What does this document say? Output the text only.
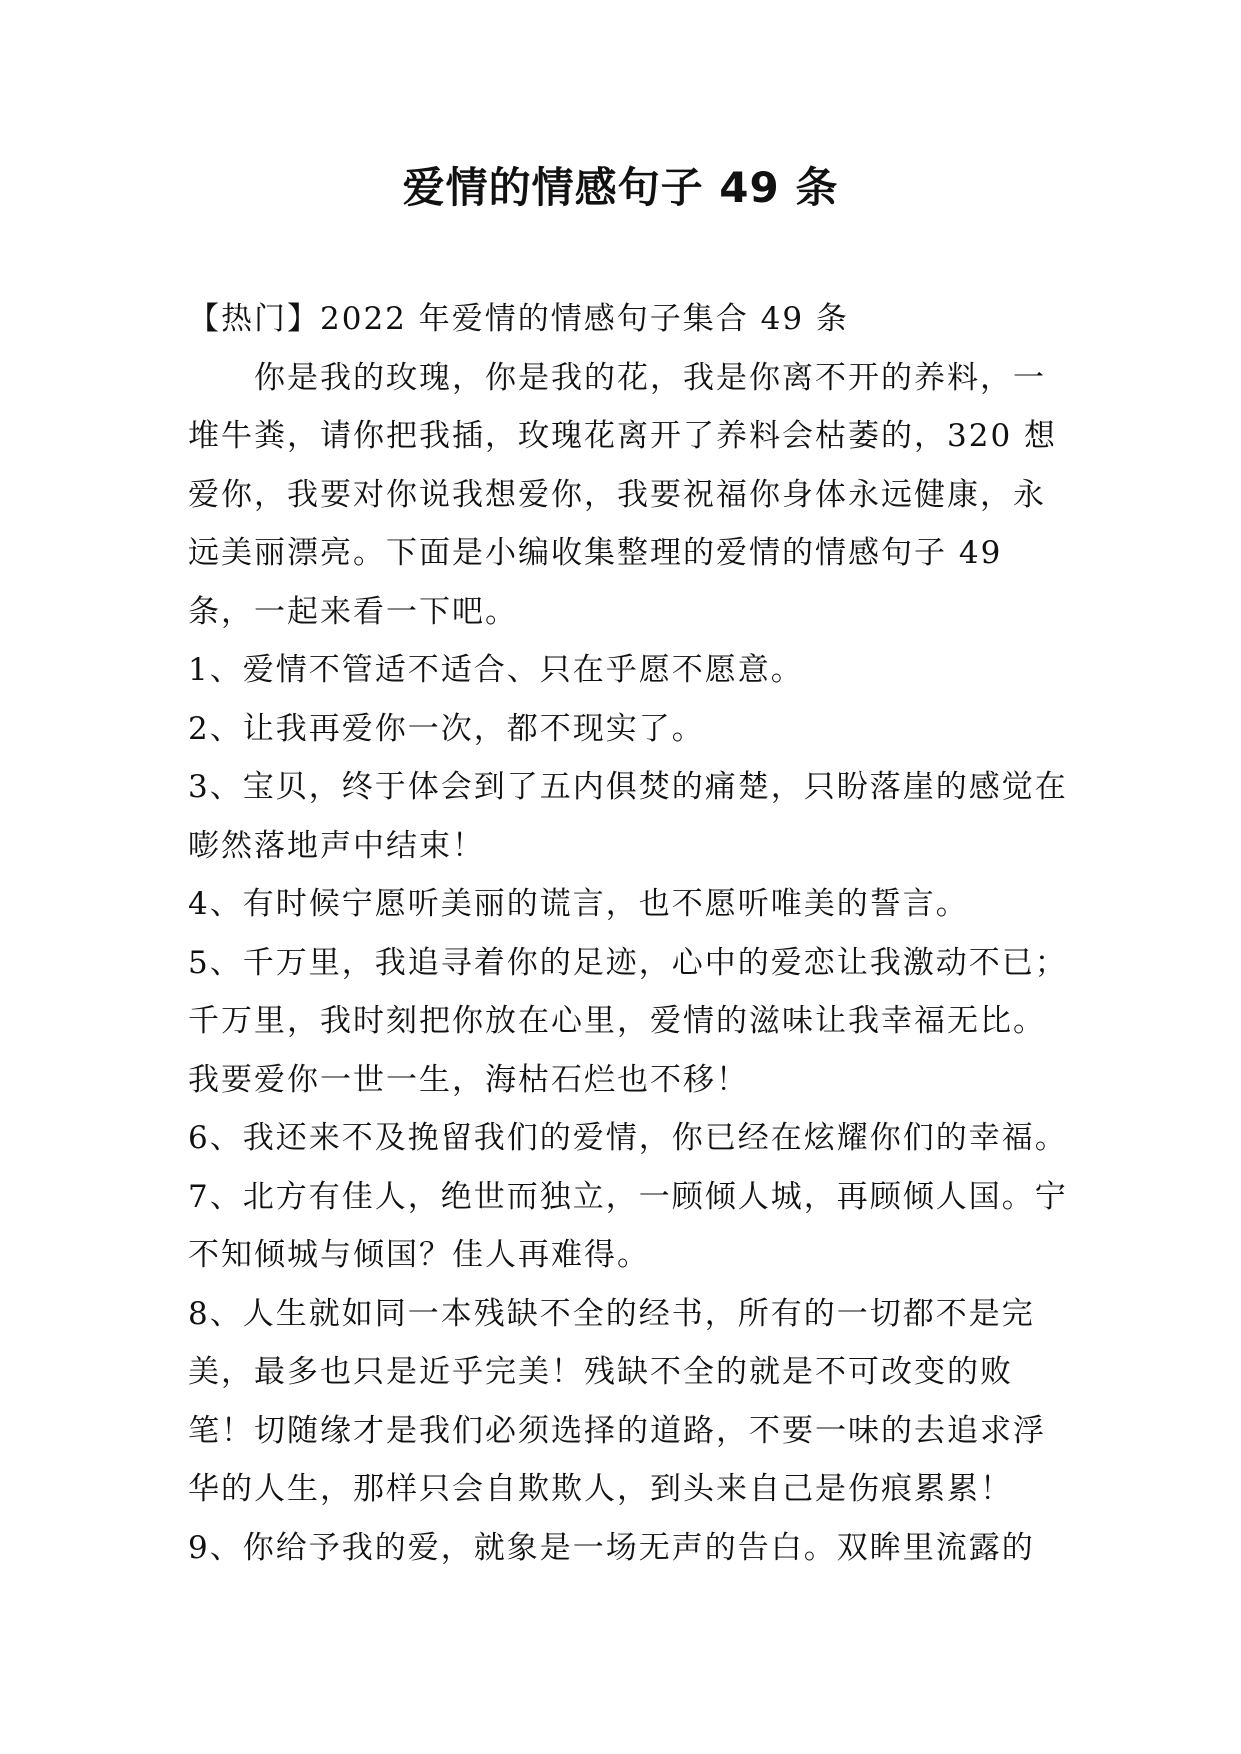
爱情的情感句子 49 条

【热门】2022 年爱情的情感句子集合 49 条

你是我的玫瑰，你是我的花，我是你离不开的养料，一堆牛粪，请你把我插，玫瑰花离开了养料会枯萎的，320 想爱你，我要对你说我想爱你，我要祝福你身体永远健康，永远美丽漂亮。下面是小编收集整理的爱情的情感句子 49 条，一起来看一下吧。

1、爱情不管适不适合、只在乎愿不愿意。

2、让我再爱你一次，都不现实了。

3、宝贝，终于体会到了五内俱焚的痛楚，只盼落崖的感觉在嘭然落地声中结束！

4、有时候宁愿听美丽的谎言，也不愿听唯美的誓言。

5、千万里，我追寻着你的足迹，心中的爱恋让我激动不已；千万里，我时刻把你放在心里，爱情的滋味让我幸福无比。我要爱你一世一生，海枯石烂也不移！

6、我还来不及挽留我们的爱情，你已经在炫耀你们的幸福。

7、北方有佳人，绝世而独立，一顾倾人城，再顾倾人国。宁不知倾城与倾国？佳人再难得。

8、人生就如同一本残缺不全的经书，所有的一切都不是完美，最多也只是近乎完美！残缺不全的就是不可改变的败笔！切随缘才是我们必须选择的道路，不要一味的去追求浮华的人生，那样只会自欺欺人，到头来自己是伤痕累累！

9、你给予我的爱，就象是一场无声的告白。双眸里流露的
